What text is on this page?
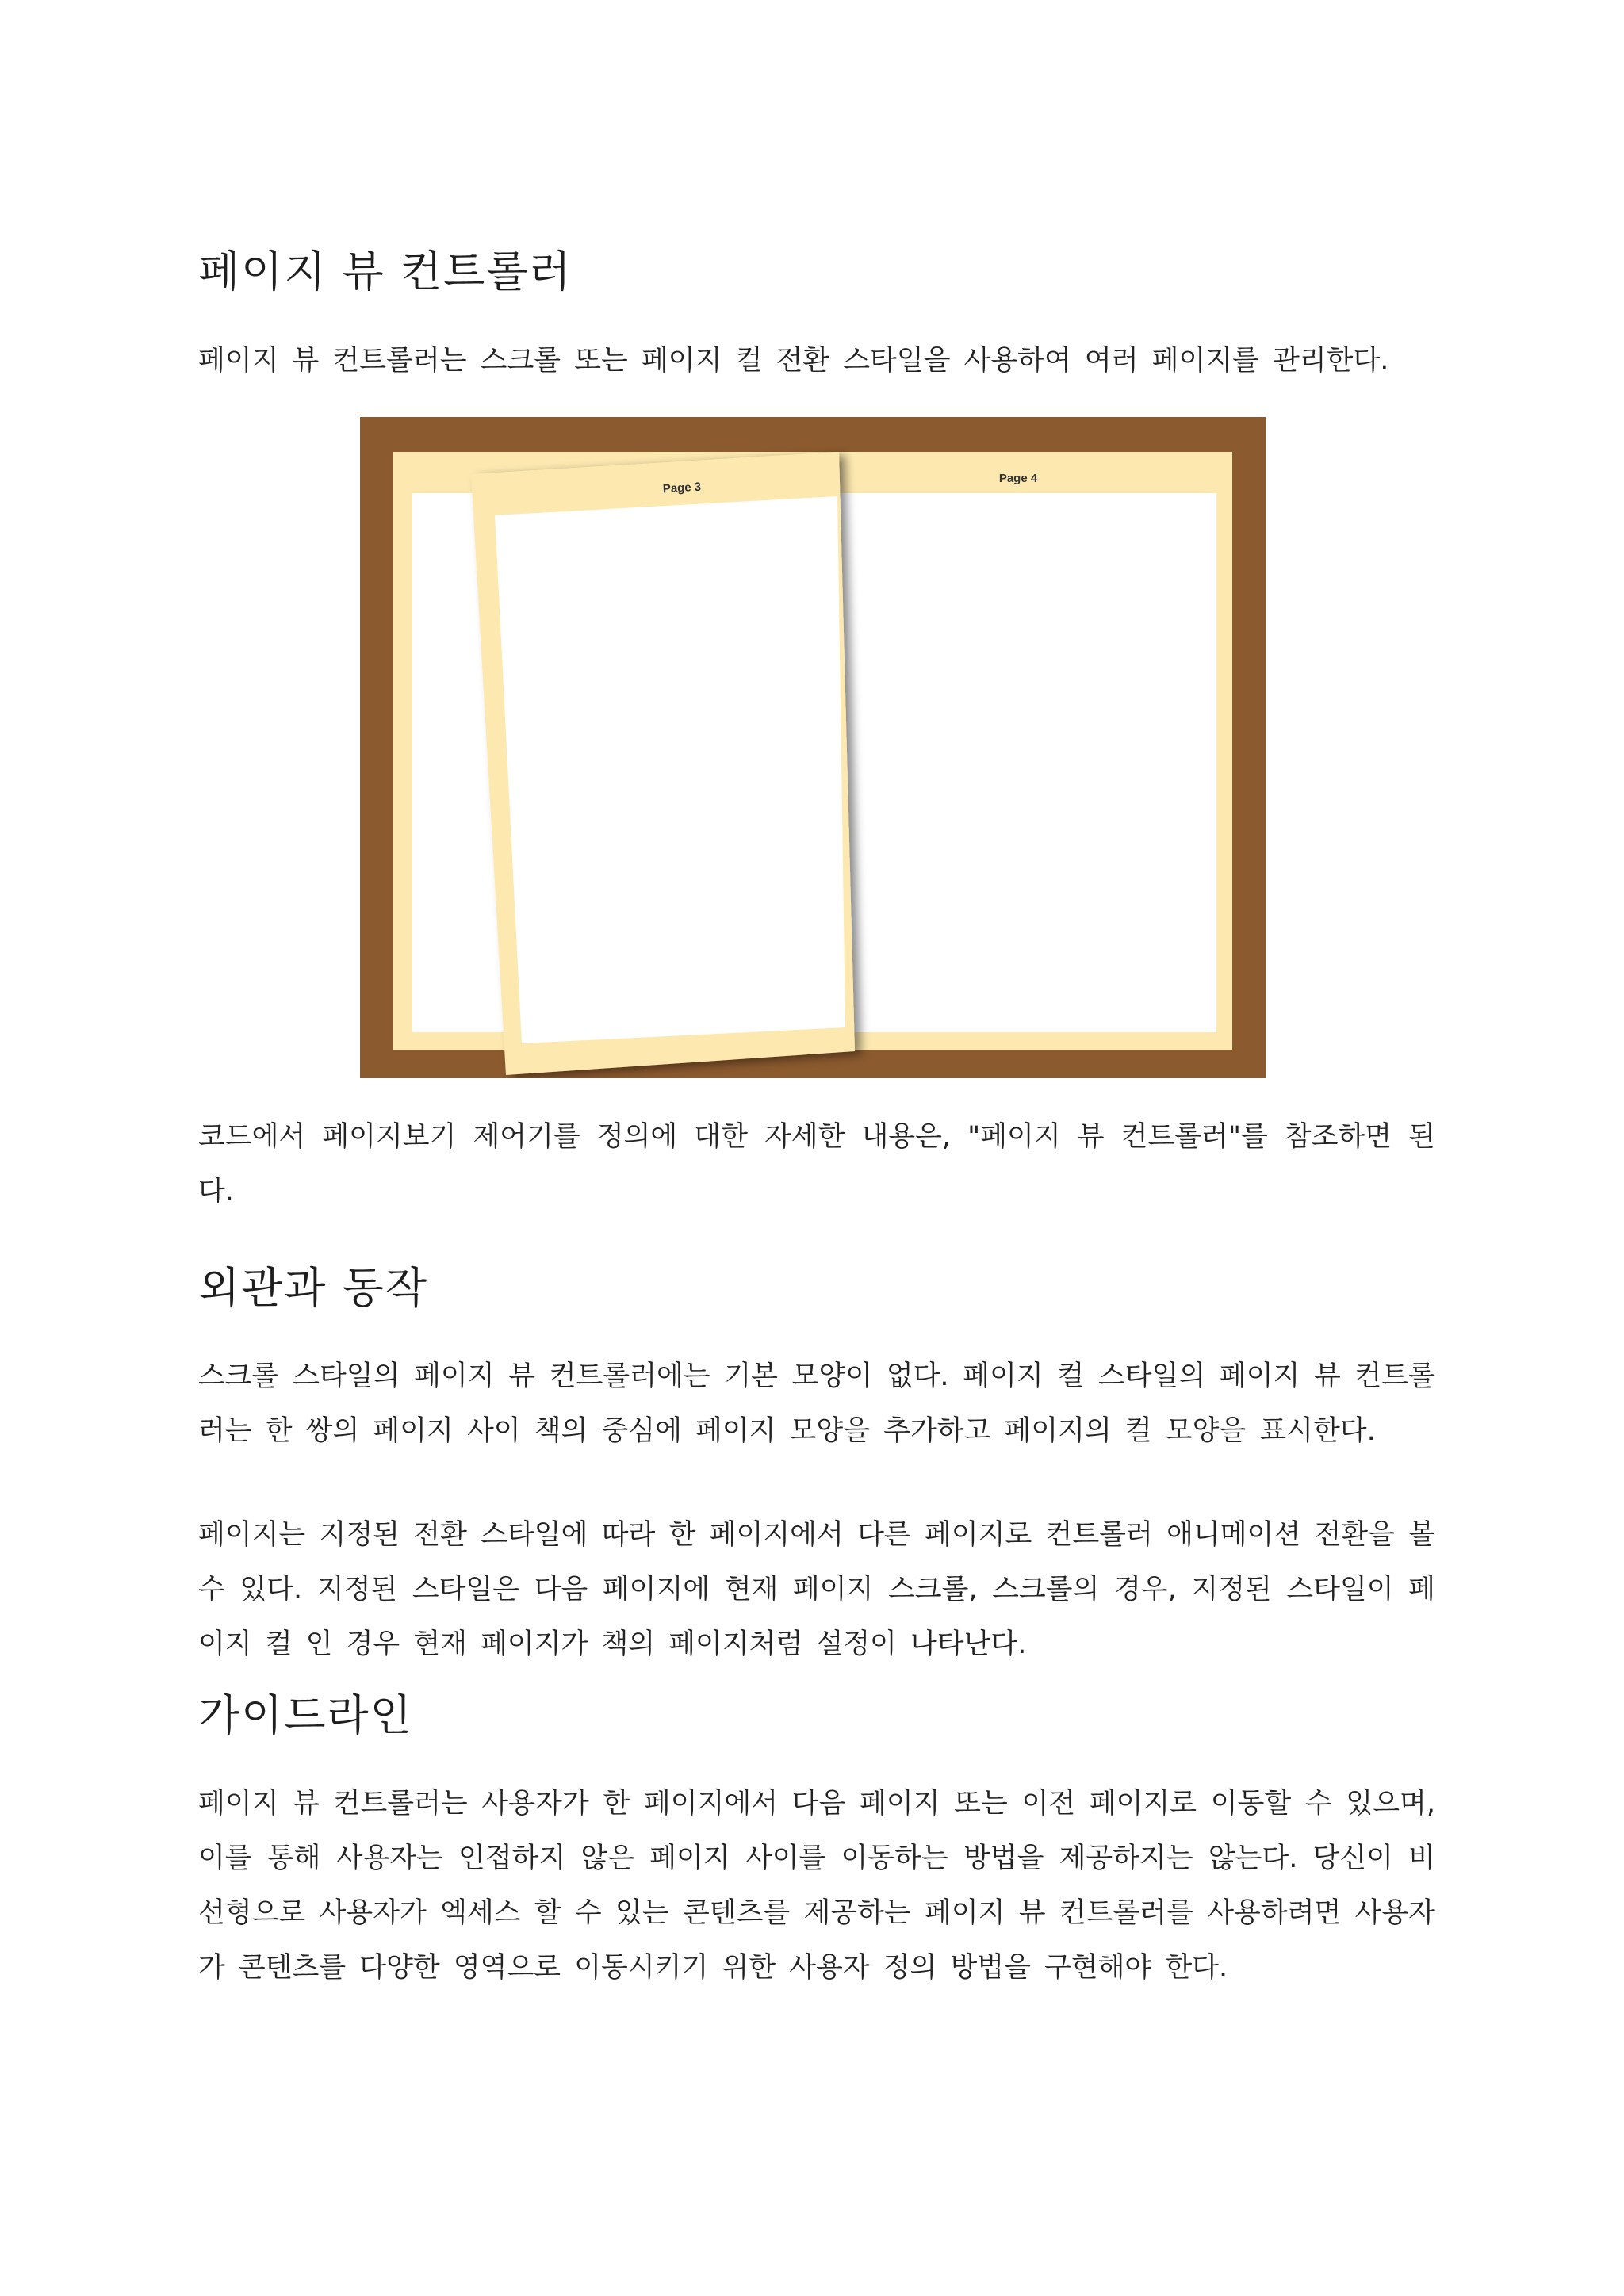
페이지 뷰 컨트롤러

페이지 뷰 컨트롤러는 스크롤 또는 페이지 컬 전환 스타일을 사용하여 여러 페이지를 관리한다.

코드에서 페이지보기 제어기를 정의에 대한 자세한 내용은, "페이지 뷰 컨트롤러"를 참조하면 된다.

외관과 동작

스크롤 스타일의 페이지 뷰 컨트롤러에는 기본 모양이 없다. 페이지 컬 스타일의 페이지 뷰 컨트롤러는 한 쌍의 페이지 사이 책의 중심에 페이지 모양을 추가하고 페이지의 컬 모양을 표시한다.

페이지는 지정된 전환 스타일에 따라 한 페이지에서 다른 페이지로 컨트롤러 애니메이션 전환을 볼 수 있다. 지정된 스타일은 다음 페이지에 현재 페이지 스크롤, 스크롤의 경우, 지정된 스타일이 페이지 컬 인 경우 현재 페이지가 책의 페이지처럼 설정이 나타난다.

가이드라인

페이지 뷰 컨트롤러는 사용자가 한 페이지에서 다음 페이지 또는 이전 페이지로 이동할 수 있으며, 이를 통해 사용자는 인접하지 않은 페이지 사이를 이동하는 방법을 제공하지는 않는다. 당신이 비선형으로 사용자가 엑세스 할 수 있는 콘텐츠를 제공하는 페이지 뷰 컨트롤러를 사용하려면 사용자가 콘텐츠를 다양한 영역으로 이동시키기 위한 사용자 정의 방법을 구현해야 한다.

Page 4
Page 3
